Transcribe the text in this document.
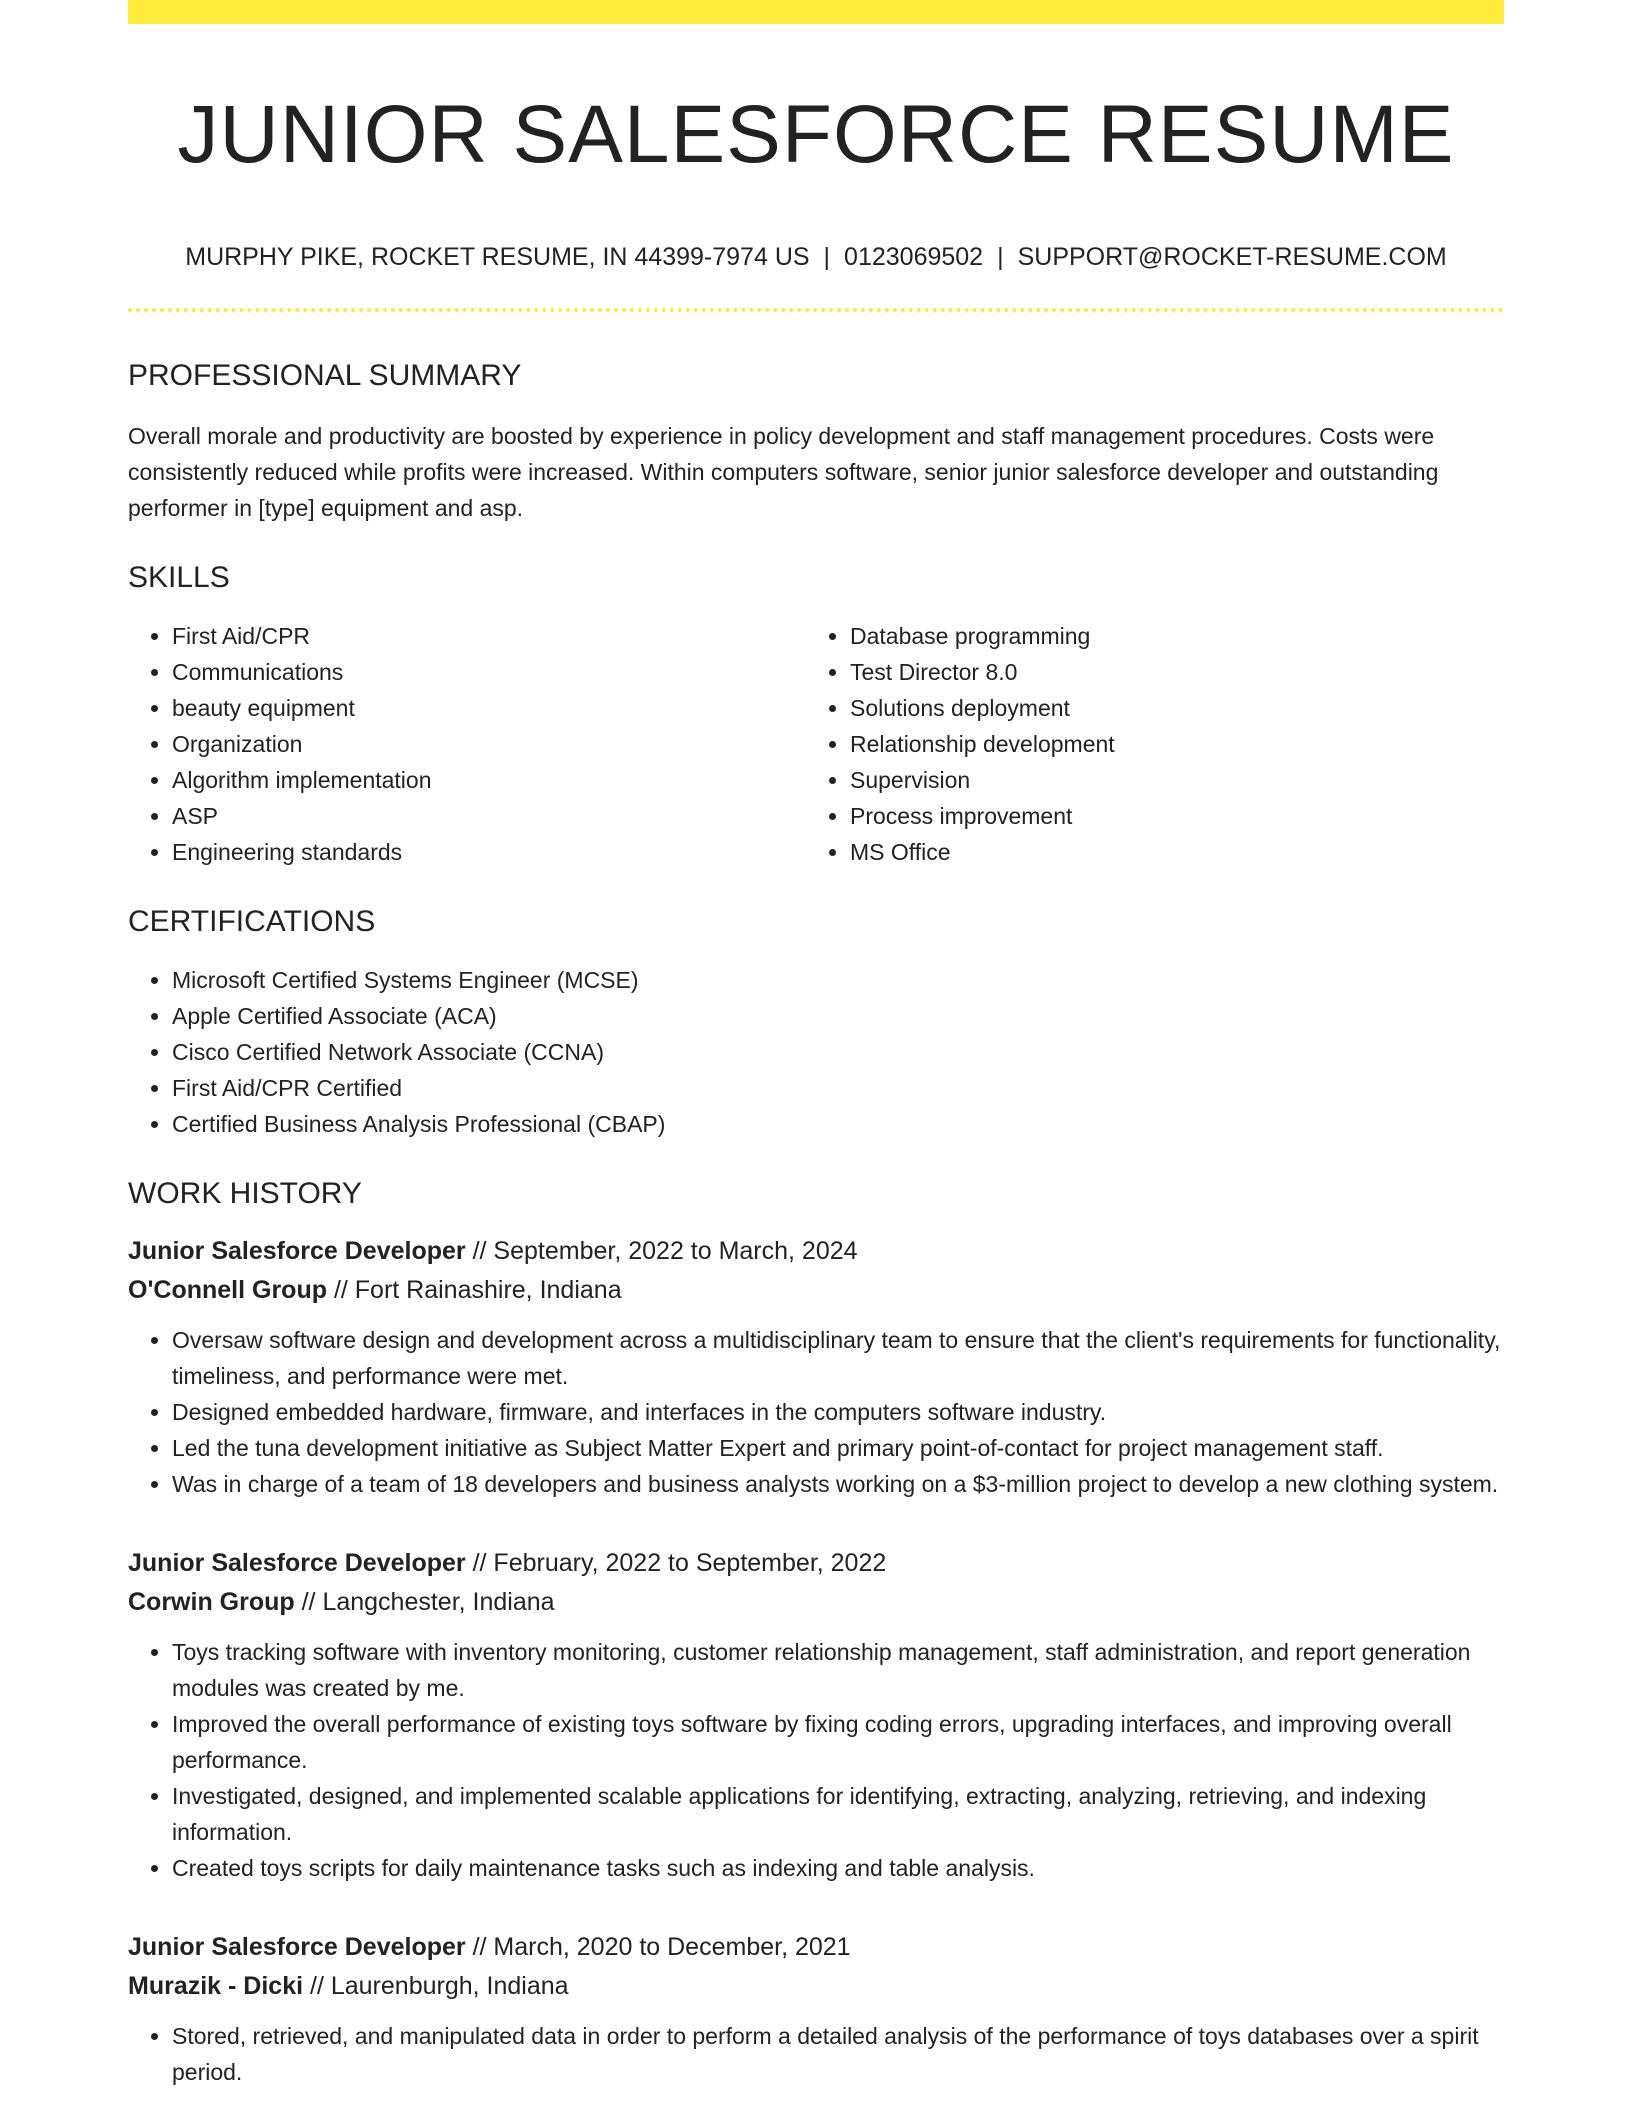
JUNIOR SALESFORCE RESUME
MURPHY PIKE, ROCKET RESUME, IN 44399-7974 US | 0123069502 | SUPPORT@ROCKET-RESUME.COM
PROFESSIONAL SUMMARY

Overall morale and productivity are boosted by experience in policy development and staff management procedures. Costs were consistently reduced while profits were increased. Within computers software, senior junior salesforce developer and outstanding performer in [type] equipment and asp.

SKILLS
• First Aid/CPR
• Communications
• beauty equipment
• Organization
• Algorithm implementation
• ASP
• Engineering standards
• Database programming
• Test Director 8.0
• Solutions deployment
• Relationship development
• Supervision
• Process improvement
• MS Office
CERTIFICATIONS
• Microsoft Certified Systems Engineer (MCSE)
• Apple Certified Associate (ACA)
• Cisco Certified Network Associate (CCNA)
• First Aid/CPR Certified
• Certified Business Analysis Professional (CBAP)
WORK HISTORY
Junior Salesforce Developer // September, 2022 to March, 2024
O'Connell Group // Fort Rainashire, Indiana
• Oversaw software design and development across a multidisciplinary team to ensure that the client's requirements for functionality, timeliness, and performance were met.
• Designed embedded hardware, firmware, and interfaces in the computers software industry.
• Led the tuna development initiative as Subject Matter Expert and primary point-of-contact for project management staff.
• Was in charge of a team of 18 developers and business analysts working on a $3-million project to develop a new clothing system.
Junior Salesforce Developer // February, 2022 to September, 2022
Corwin Group // Langchester, Indiana
• Toys tracking software with inventory monitoring, customer relationship management, staff administration, and report generation modules was created by me.
• Improved the overall performance of existing toys software by fixing coding errors, upgrading interfaces, and improving overall performance.
• Investigated, designed, and implemented scalable applications for identifying, extracting, analyzing, retrieving, and indexing information.
• Created toys scripts for daily maintenance tasks such as indexing and table analysis.
Junior Salesforce Developer // March, 2020 to December, 2021
Murazik - Dicki // Laurenburgh, Indiana
• Stored, retrieved, and manipulated data in order to perform a detailed analysis of the performance of toys databases over a spirit period.
